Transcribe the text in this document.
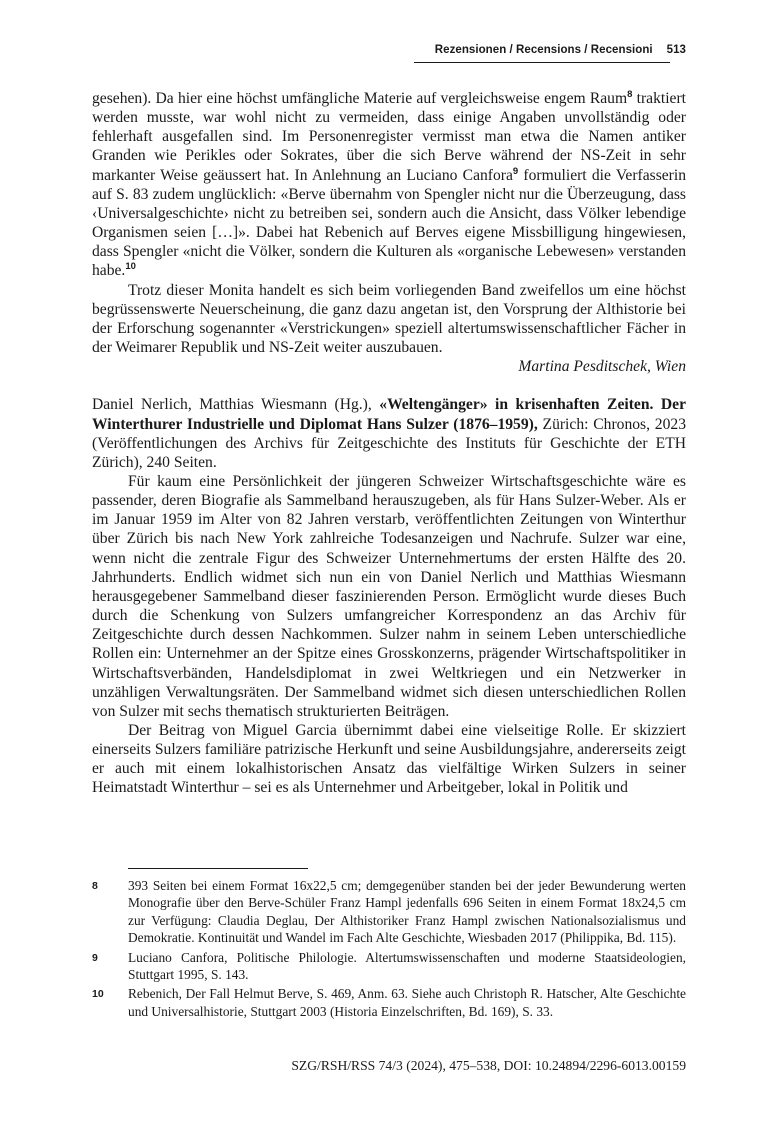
Rezensionen / Recensions / Recensioni 513

gesehen). Da hier eine höchst umfängliche Materie auf vergleichsweise engem Raum$^8$ traktiert werden musste, war wohl nicht zu vermeiden, dass einige Angaben unvollständig oder fehlerhaft ausgefallen sind. Im Personenregister vermisst man etwa die Namen antiker Granden wie Perikles oder Sokrates, über die sich Berve während der NS-Zeit in sehr markanter Weise geäussert hat. In Anlehnung an Luciano Canfora$^9$ formuliert die Verfasserin auf S. 83 zudem unglücklich: «Berve übernahm von Spengler nicht nur die Überzeugung, dass ‹Universalgeschichte› nicht zu betreiben sei, sondern auch die Ansicht, dass Völker lebendige Organismen seien […]». Dabei hat Rebenich auf Berves eigene Missbilligung hingewiesen, dass Spengler «nicht die Völker, sondern die Kulturen als «organische Lebewesen» verstanden habe.$^{10}$

Trotz dieser Monita handelt es sich beim vorliegenden Band zweifellos um eine höchst begrüssenswerte Neuerscheinung, die ganz dazu angetan ist, den Vorsprung der Althistorie bei der Erforschung sogenannter «Verstrickungen» speziell altertumswissenschaftlicher Fächer in der Weimarer Republik und NS-Zeit weiter auszubauen.

Martina Pesditschek, Wien

Daniel Nerlich, Matthias Wiesmann (Hg.), «Weltengänger» in krisenhaften Zeiten. Der Winterthurer Industrielle und Diplomat Hans Sulzer (1876–1959), Zürich: Chronos, 2023 (Veröffentlichungen des Archivs für Zeitgeschichte des Instituts für Geschichte der ETH Zürich), 240 Seiten.

Für kaum eine Persönlichkeit der jüngeren Schweizer Wirtschaftsgeschichte wäre es passender, deren Biografie als Sammelband herauszugeben, als für Hans Sulzer-Weber. Als er im Januar 1959 im Alter von 82 Jahren verstarb, veröffentlichten Zeitungen von Winterthur über Zürich bis nach New York zahlreiche Todesanzeigen und Nachrufe. Sulzer war eine, wenn nicht die zentrale Figur des Schweizer Unternehmertums der ersten Hälfte des 20. Jahrhunderts. Endlich widmet sich nun ein von Daniel Nerlich und Matthias Wiesmann herausgegebener Sammelband dieser faszinierenden Person. Ermöglicht wurde dieses Buch durch die Schenkung von Sulzers umfangreicher Korrespondenz an das Archiv für Zeitgeschichte durch dessen Nachkommen. Sulzer nahm in seinem Leben unterschiedliche Rollen ein: Unternehmer an der Spitze eines Grosskonzerns, prägender Wirtschaftspolitiker in Wirtschaftsverbänden, Handelsdiplomat in zwei Weltkriegen und ein Netzwerker in unzähligen Verwaltungsräten. Der Sammelband widmet sich diesen unterschiedlichen Rollen von Sulzer mit sechs thematisch strukturierten Beiträgen.

Der Beitrag von Miguel Garcia übernimmt dabei eine vielseitige Rolle. Er skizziert einerseits Sulzers familiäre patrizische Herkunft und seine Ausbildungsjahre, andererseits zeigt er auch mit einem lokalhistorischen Ansatz das vielfältige Wirken Sulzers in seiner Heimatstadt Winterthur – sei es als Unternehmer und Arbeitgeber, lokal in Politik und

8	393 Seiten bei einem Format 16x22,5 cm; demgegenüber standen bei der jeder Bewunderung werten Monografie über den Berve-Schüler Franz Hampl jedenfalls 696 Seiten in einem Format 18x24,5 cm zur Verfügung: Claudia Deglau, Der Althistoriker Franz Hampl zwischen Nationalsozialismus und Demokratie. Kontinuität und Wandel im Fach Alte Geschichte, Wiesbaden 2017 (Philippika, Bd. 115).
9	Luciano Canfora, Politische Philologie. Altertumswissenschaften und moderne Staatsideologien, Stuttgart 1995, S. 143.
10	Rebenich, Der Fall Helmut Berve, S. 469, Anm. 63. Siehe auch Christoph R. Hatscher, Alte Geschichte und Universalhistorie, Stuttgart 2003 (Historia Einzelschriften, Bd. 169), S. 33.
SZG/RSH/RSS 74/3 (2024), 475–538, DOI: 10.24894/2296-6013.00159
